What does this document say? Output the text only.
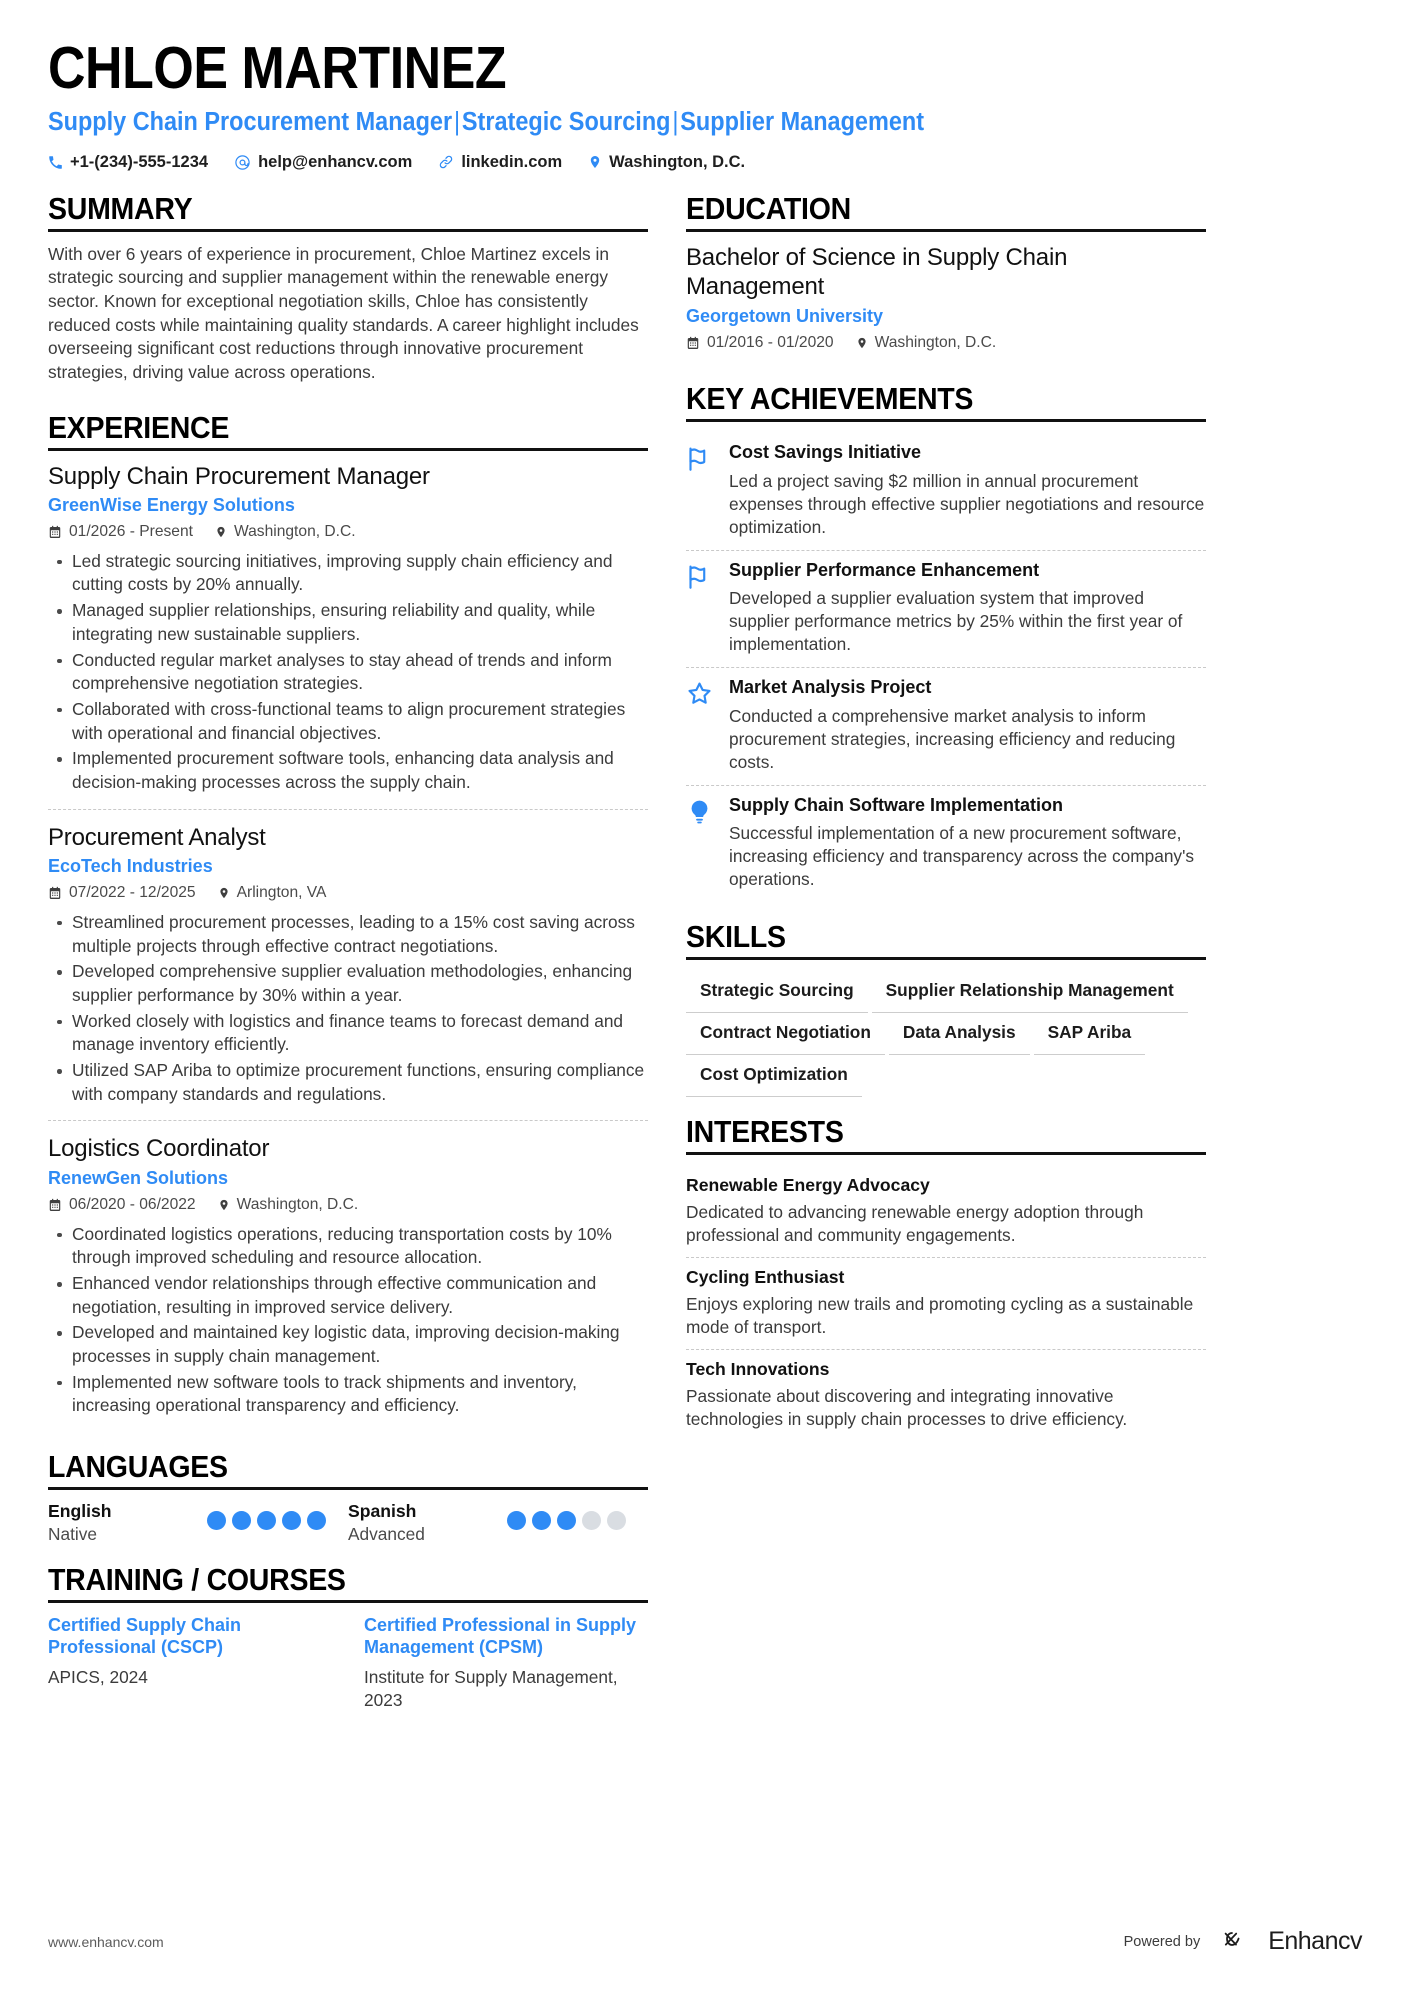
CHLOE MARTINEZ
Supply Chain Procurement Manager|Strategic Sourcing|Supplier Management
+1-(234)-555-1234	help@enhancv.com	linkedin.com	Washington, D.C.
SUMMARY
With over 6 years of experience in procurement, Chloe Martinez excels in strategic sourcing and supplier management within the renewable energy sector. Known for exceptional negotiation skills, Chloe has consistently reduced costs while maintaining quality standards. A career highlight includes overseeing significant cost reductions through innovative procurement strategies, driving value across operations.
EXPERIENCE
Supply Chain Procurement Manager
GreenWise Energy Solutions
01/2026 - Present	Washington, D.C.
Led strategic sourcing initiatives, improving supply chain efficiency and cutting costs by 20% annually.
Managed supplier relationships, ensuring reliability and quality, while integrating new sustainable suppliers.
Conducted regular market analyses to stay ahead of trends and inform comprehensive negotiation strategies.
Collaborated with cross-functional teams to align procurement strategies with operational and financial objectives.
Implemented procurement software tools, enhancing data analysis and decision-making processes across the supply chain.
Procurement Analyst
EcoTech Industries
07/2022 - 12/2025	Arlington, VA
Streamlined procurement processes, leading to a 15% cost saving across multiple projects through effective contract negotiations.
Developed comprehensive supplier evaluation methodologies, enhancing supplier performance by 30% within a year.
Worked closely with logistics and finance teams to forecast demand and manage inventory efficiently.
Utilized SAP Ariba to optimize procurement functions, ensuring compliance with company standards and regulations.
Logistics Coordinator
RenewGen Solutions
06/2020 - 06/2022	Washington, D.C.
Coordinated logistics operations, reducing transportation costs by 10% through improved scheduling and resource allocation.
Enhanced vendor relationships through effective communication and negotiation, resulting in improved service delivery.
Developed and maintained key logistic data, improving decision-making processes in supply chain management.
Implemented new software tools to track shipments and inventory, increasing operational transparency and efficiency.
LANGUAGES
English
Native
Spanish
Advanced
TRAINING / COURSES
Certified Supply Chain Professional (CSCP)
APICS, 2024
Certified Professional in Supply Management (CPSM)
Institute for Supply Management, 2023
EDUCATION
Bachelor of Science in Supply Chain Management
Georgetown University
01/2016 - 01/2020	Washington, D.C.
KEY ACHIEVEMENTS
Cost Savings Initiative
Led a project saving $2 million in annual procurement expenses through effective supplier negotiations and resource optimization.
Supplier Performance Enhancement
Developed a supplier evaluation system that improved supplier performance metrics by 25% within the first year of implementation.
Market Analysis Project
Conducted a comprehensive market analysis to inform procurement strategies, increasing efficiency and reducing costs.
Supply Chain Software Implementation
Successful implementation of a new procurement software, increasing efficiency and transparency across the company's operations.
SKILLS
Strategic Sourcing	Supplier Relationship Management
Contract Negotiation	Data Analysis	SAP Ariba
Cost Optimization
INTERESTS
Renewable Energy Advocacy
Dedicated to advancing renewable energy adoption through professional and community engagements.
Cycling Enthusiast
Enjoys exploring new trails and promoting cycling as a sustainable mode of transport.
Tech Innovations
Passionate about discovering and integrating innovative technologies in supply chain processes to drive efficiency.
www.enhancv.com	Powered by	Enhancv
